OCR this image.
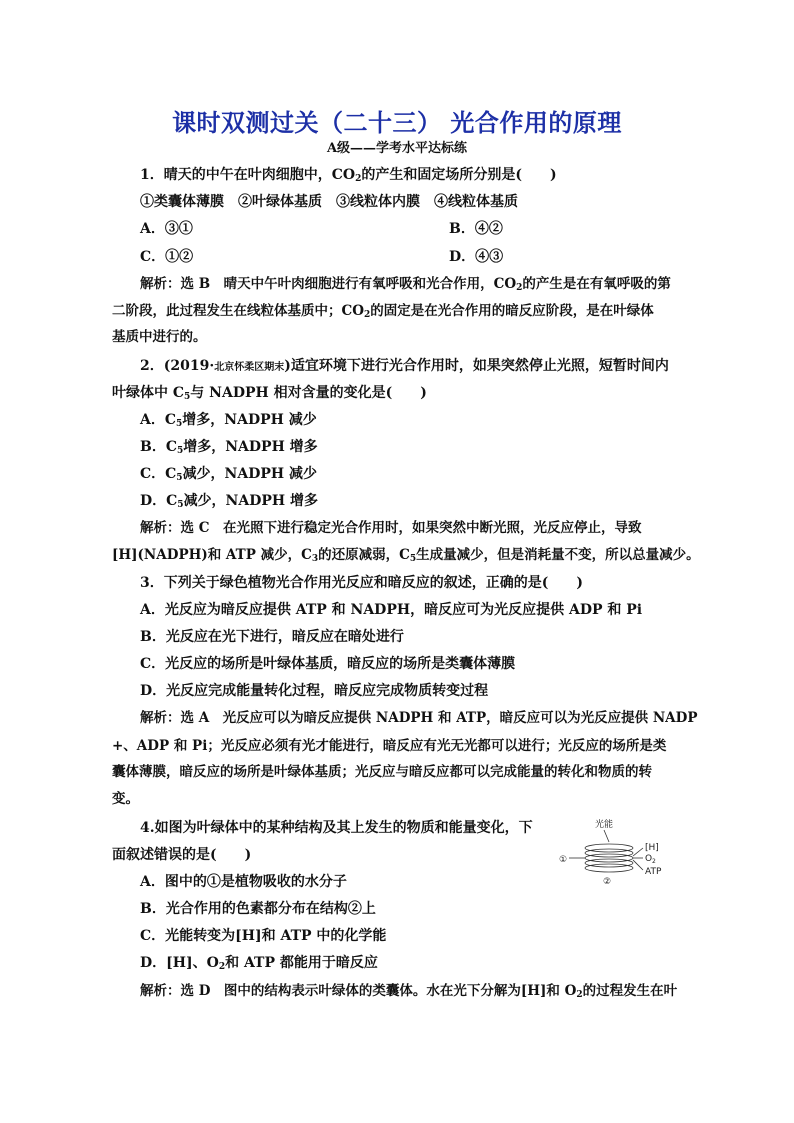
课时双测过关（二十三） 光合作用的原理
A级——学考水平达标练
1．晴天的中午在叶肉细胞中，$CO_2$的产生和固定场所分别是(　　)
①类囊体薄膜　②叶绿体基质　③线粒体内膜　④线粒体基质
A．③①	B．④②
C．①②	D．④③
解析：选 B　晴天中午叶肉细胞进行有氧呼吸和光合作用，$CO_2$的产生是在有氧呼吸的第
二阶段，此过程发生在线粒体基质中；$CO_2$的固定是在光合作用的暗反应阶段，是在叶绿体
基质中进行的。
2．(2019·北京怀柔区期末)适宜环境下进行光合作用时，如果突然停止光照，短暂时间内
叶绿体中 $C_5$与 NADPH 相对含量的变化是(　　)
A．$C_5$增多，NADPH 减少
B．$C_5$增多，NADPH 增多
C．$C_5$减少，NADPH 减少
D．$C_5$减少，NADPH 增多
解析：选 C　在光照下进行稳定光合作用时，如果突然中断光照，光反应停止，导致
[H](NADPH)和 ATP 减少，$C_3$的还原减弱，$C_5$生成量减少，但是消耗量不变，所以总量减少。
3．下列关于绿色植物光合作用光反应和暗反应的叙述，正确的是(　　)
A．光反应为暗反应提供 ATP 和 NADPH，暗反应可为光反应提供 ADP 和 Pi
B．光反应在光下进行，暗反应在暗处进行
C．光反应的场所是叶绿体基质，暗反应的场所是类囊体薄膜
D．光反应完成能量转化过程，暗反应完成物质转变过程
解析：选 A　光反应可以为暗反应提供 NADPH 和 ATP，暗反应可以为光反应提供 NADP
+、ADP 和 Pi；光反应必须有光才能进行，暗反应有光无光都可以进行；光反应的场所是类
囊体薄膜，暗反应的场所是叶绿体基质；光反应与暗反应都可以完成能量的转化和物质的转
变。
4.如图为叶绿体中的某种结构及其上发生的物质和能量变化，下
面叙述错误的是(　　)
A．图中的①是植物吸收的水分子
B．光合作用的色素都分布在结构②上
C．光能转变为[H]和 ATP 中的化学能
D．[H]、$O_2$和 ATP 都能用于暗反应
解析：选 D　图中的结构表示叶绿体的类囊体。水在光下分解为[H]和 $O_2$的过程发生在叶
光能
①
[H]
O 2
ATP
②
